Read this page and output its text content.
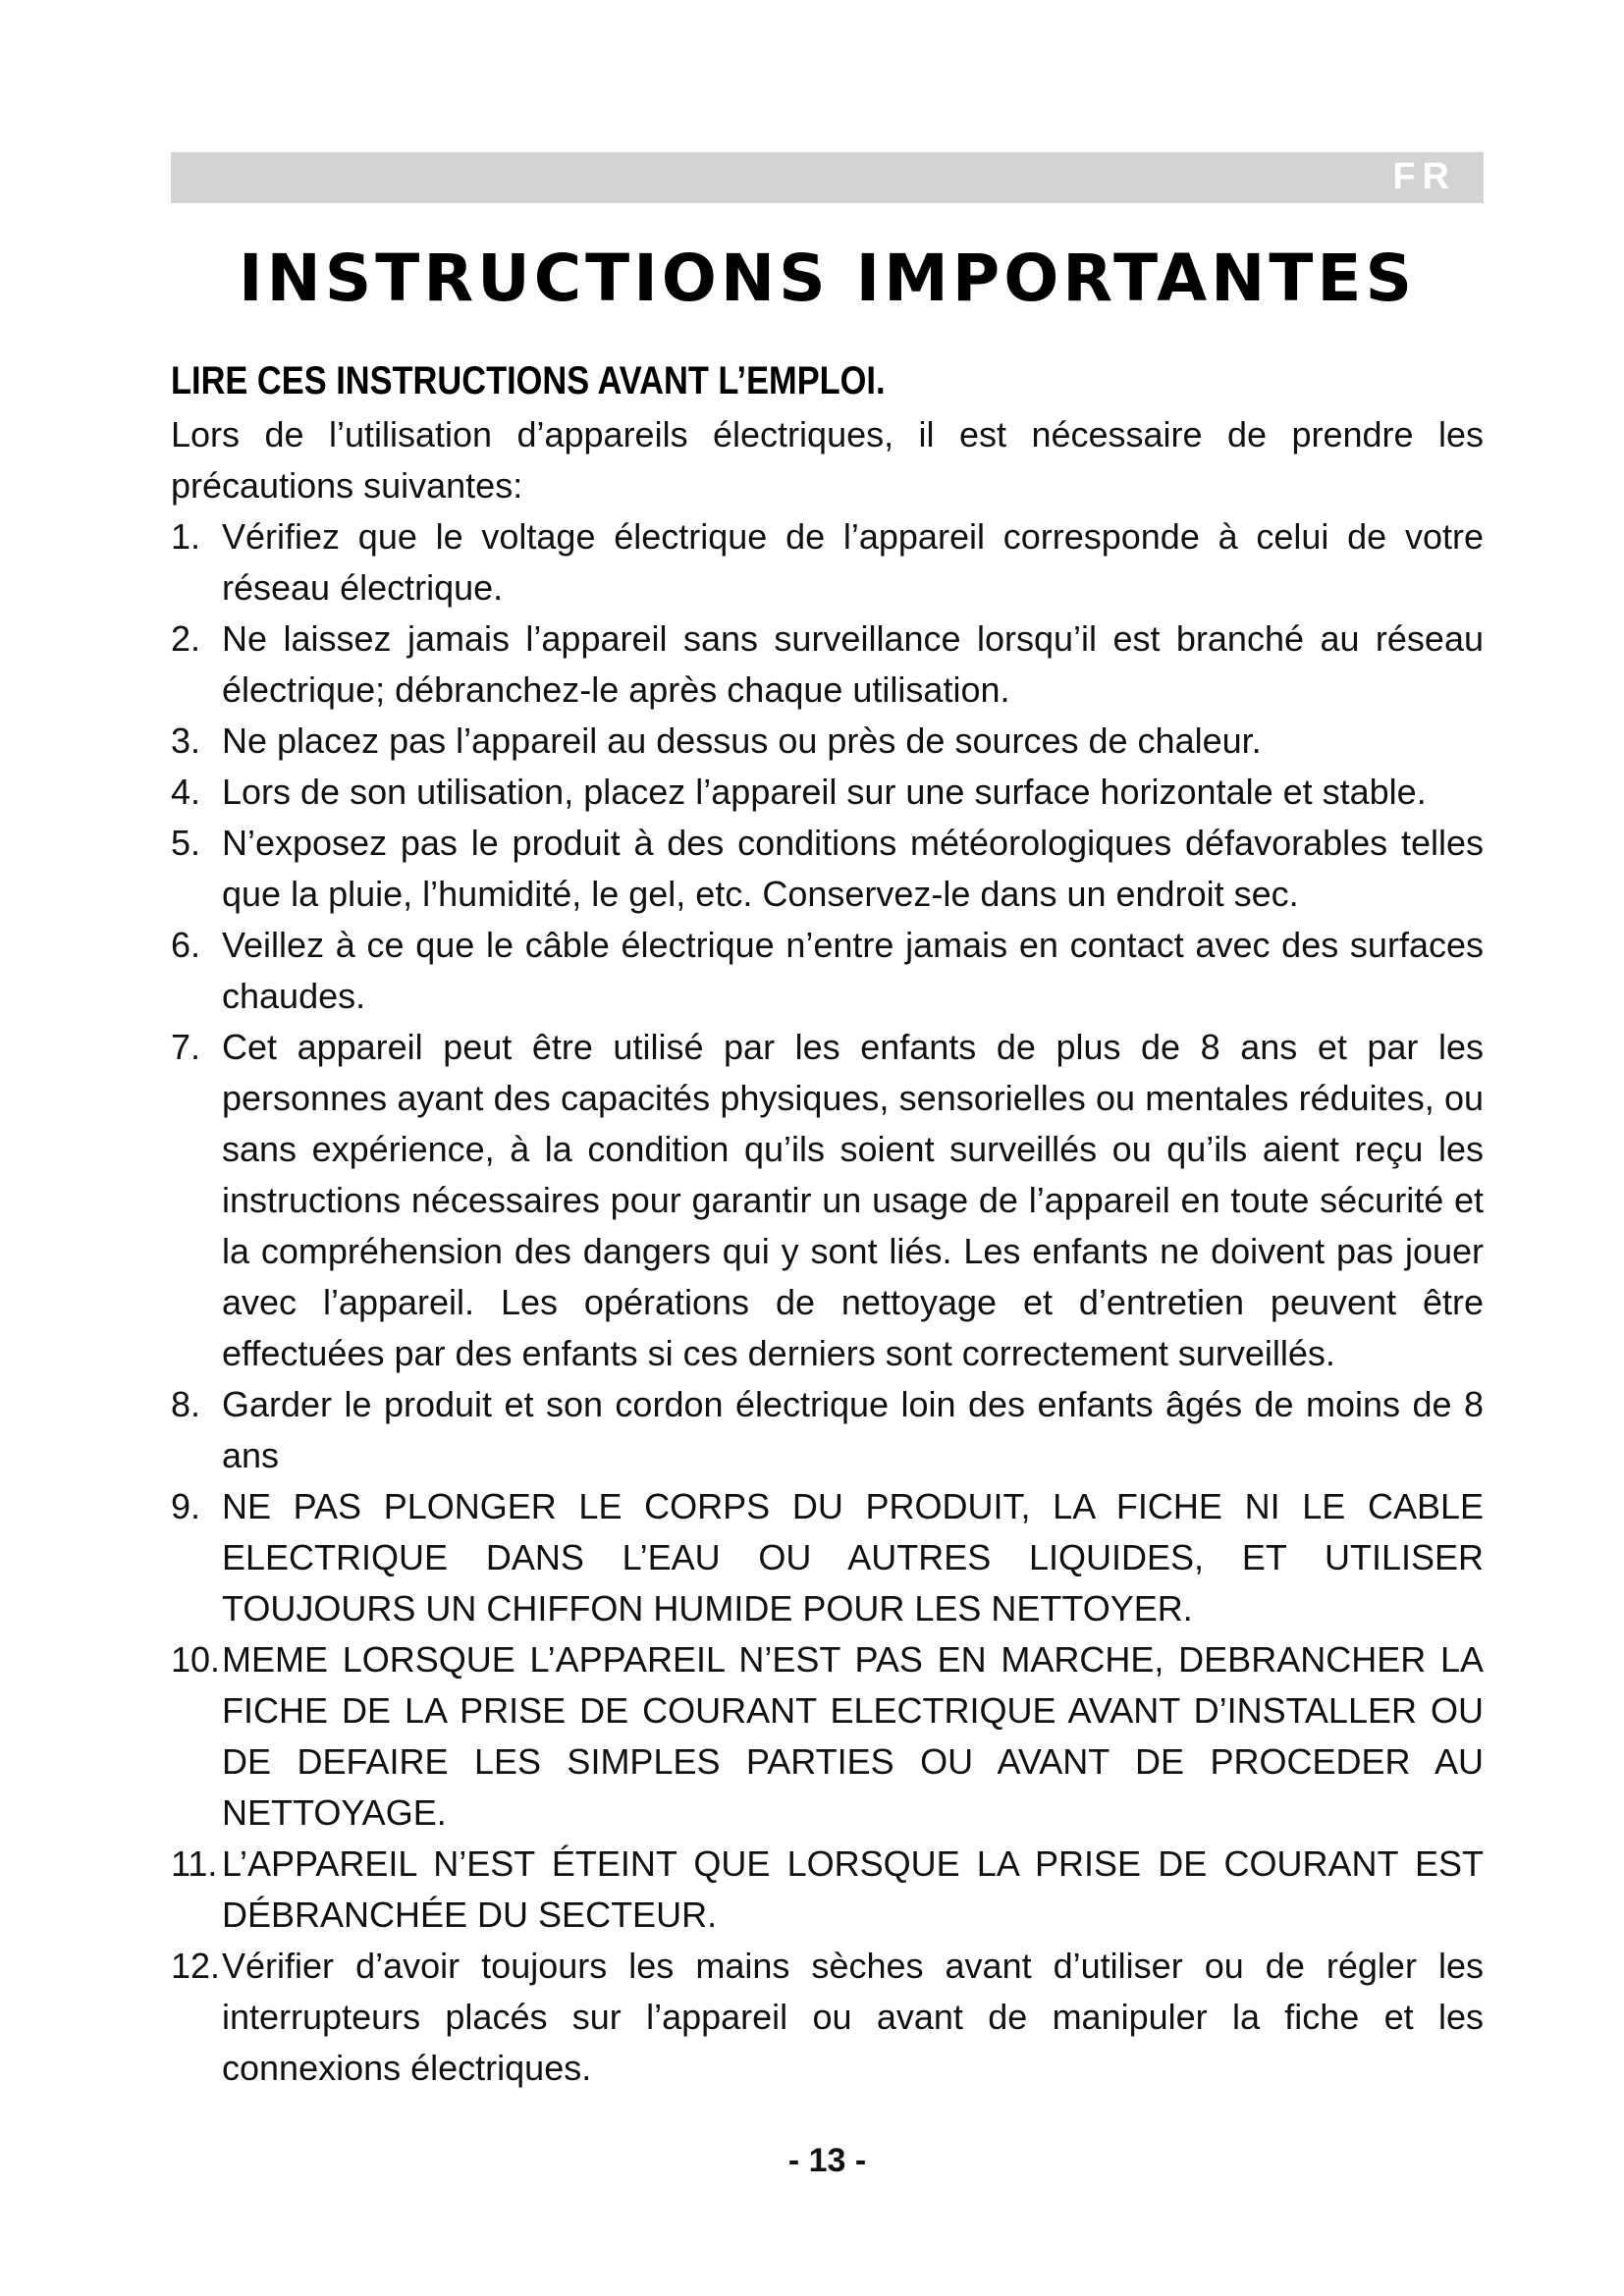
FR
INSTRUCTIONS IMPORTANTES
LIRE CES INSTRUCTIONS AVANT L’EMPLOI.

Lors de l’utilisation d’appareils électriques, il est nécessaire de prendre les précautions suivantes:

1. Vérifiez que le voltage électrique de l’appareil corresponde à celui de votre réseau électrique.
2. Ne laissez jamais l’appareil sans surveillance lorsqu’il est branché au réseau électrique; débranchez-le après chaque utilisation.
3. Ne placez pas l’appareil au dessus ou près de sources de chaleur.
4. Lors de son utilisation, placez l’appareil sur une surface horizontale et stable.
5. N’exposez pas le produit à des conditions météorologiques défavorables telles que la pluie, l’humidité, le gel, etc. Conservez-le dans un endroit sec.
6. Veillez à ce que le câble électrique n’entre jamais en contact avec des surfaces chaudes.
7. Cet appareil peut être utilisé par les enfants de plus de 8 ans et par les personnes ayant des capacités physiques, sensorielles ou mentales réduites, ou sans expérience, à la condition qu’ils soient surveillés ou qu’ils aient reçu les instructions nécessaires pour garantir un usage de l’appareil en toute sécurité et la compréhension des dangers qui y sont liés. Les enfants ne doivent pas jouer avec l’appareil. Les opérations de nettoyage et d’entretien peuvent être effectuées par des enfants si ces derniers sont correctement surveillés.
8. Garder le produit et son cordon électrique loin des enfants âgés de moins de 8 ans
9. NE PAS PLONGER LE CORPS DU PRODUIT, LA FICHE NI LE CABLE ELECTRIQUE DANS L’EAU OU AUTRES LIQUIDES, ET UTILISER TOUJOURS UN CHIFFON HUMIDE POUR LES NETTOYER.
10. MEME LORSQUE L’APPAREIL N’EST PAS EN MARCHE, DEBRANCHER LA FICHE DE LA PRISE DE COURANT ELECTRIQUE AVANT D’INSTALLER OU DE DEFAIRE LES SIMPLES PARTIES OU AVANT DE PROCEDER AU NETTOYAGE.
11. L’APPAREIL N’EST ÉTEINT QUE LORSQUE LA PRISE DE COURANT EST DÉBRANCHÉE DU SECTEUR.
12. Vérifier d’avoir toujours les mains sèches avant d’utiliser ou de régler les interrupteurs placés sur l’appareil ou avant de manipuler la fiche et les connexions électriques.
- 13 -
